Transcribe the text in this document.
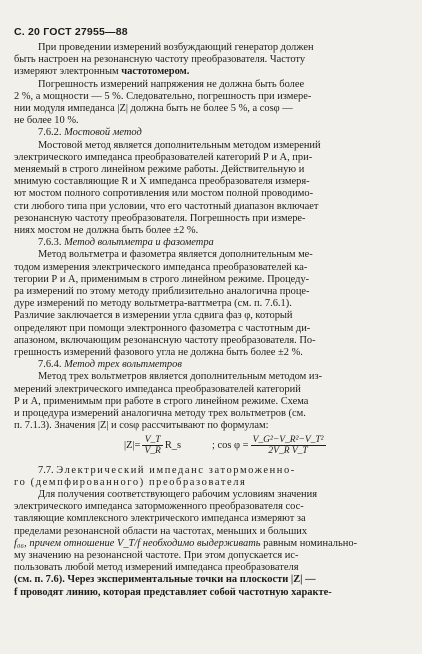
С. 20 ГОСТ 27955—88
При проведении измерений возбуждающий генератор должен
быть настроен на резонансную частоту преобразователя. Частоту
измеряют электронным частотомером.
Погрешность измерений напряжения не должна быть более
2 %, а мощности — 5 %. Следовательно, погрешность при измере-
нии модуля импеданса |Z| должна быть не более 5 %, а cosφ —
не более 10 %.
7.6.2. Мостовой метод
Мостовой метод является дополнительным методом измерений
электрического импеданса преобразователей категорий Р и А, при-
меняемый в строго линейном режиме работы. Действительную и
мнимую составляющие R и X импеданса преобразователя измеря-
ют мостом полного сопротивления или мостом полной проводимо-
сти любого типа при условии, что его частотный диапазон включает
резонансную частоту преобразователя. Погрешность при измере-
ниях мостом не должна быть более ±2 %.
7.6.3. Метод вольтметра и фазометра
Метод вольтметра и фазометра является дополнительным ме-
тодом измерения электрического импеданса преобразователей ка-
тегории Р и А, применимым в строго линейном режиме. Процеду-
ра измерений по этому методу приблизительно аналогична проце-
дуре измерений по методу вольтметра-ваттметра (см. п. 7.6.1).
Различие заключается в измерении угла сдвига фаз φ, который
определяют при помощи электронного фазометра с частотным ди-
апазоном, включающим резонансную частоту преобразователя. По-
грешность измерений фазового угла не должна быть более ±2 %.
7.6.4. Метод трех вольтметров
Метод трех вольтметров является дополнительным методом из-
мерений электрического импеданса преобразователей категорий
Р и А, применимым при работе в строго линейном режиме. Схема
и процедура измерений аналогична методу трех вольтметров (см.
п. 7.1.3). Значения |Z| и cosφ рассчитывают по формулам:
$|Z|= \frac{V\_T}{V\_R}$ R_s	; $\cos \varphi = \frac{\text{V\_G²−V\_R²−V\_T²}}{\text{2V\_R V\_T}}$
7.7. Электрический импеданс заторможенно-
го (демпфированного) преобразователя
Для получения соответствующего рабочим условиям значения
электрического импеданса заторможенного преобразователя сос-
тавляющие комплексного электрического импеданса измеряют за
пределами резонансной области на частотах, меньших и больших
f₀₆, причем отношение V_T/f необходимо выдерживать равным номинально-
му значению на резонансной частоте. При этом допускается ис-
пользовать любой метод измерений импеданса преобразователя
(см. п. 7.6). Через экспериментальные точки на плоскости |Z| —
f проводят линию, которая представляет собой частотную характе-
